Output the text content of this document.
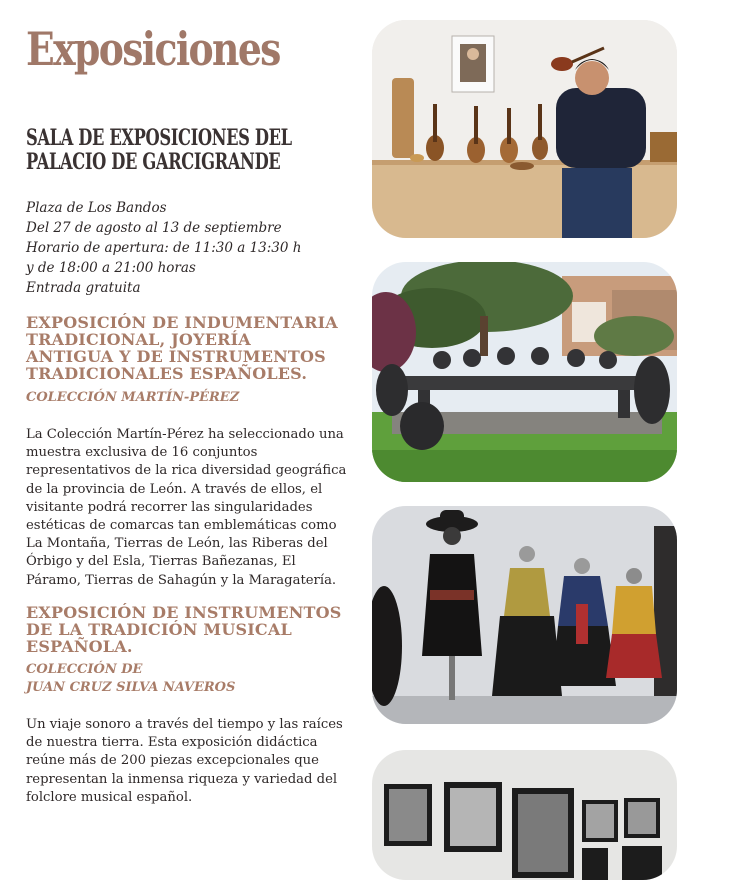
Exposiciones
SALA DE EXPOSICIONES DEL PALACIO DE GARCIGRANDE
Plaza de Los Bandos
Del 27 de agosto al 13 de septiembre
Horario de apertura: de 11:30 a 13:30 h
y de 18:00 a 21:00 horas
Entrada gratuita
EXPOSICIÓN DE INDUMENTARIA
TRADICIONAL, JOYERÍA
ANTIGUA Y DE INSTRUMENTOS
TRADICIONALES ESPAÑOLES.
COLECCIÓN MARTÍN-PÉREZ

La Colección Martín-Pérez ha seleccionado una muestra exclusiva de 16 conjuntos representativos de la rica diversidad geográfica de la provincia de León. A través de ellos, el visitante podrá recorrer las singularidades estéticas de comarcas tan emblemáticas como La Montaña, Tierras de León, las Riberas del Órbigo y del Esla, Tierras Bañezanas, El Páramo, Tierras de Sahagún y la Maragatería.

EXPOSICIÓN DE INSTRUMENTOS
DE LA TRADICIÓN MUSICAL
ESPAÑOLA.
COLECCIÓN DE
JUAN CRUZ SILVA NAVEROS

Un viaje sonoro a través del tiempo y las raíces de nuestra tierra. Esta exposición didáctica reúne más de 200 piezas excepcionales que representan la inmensa riqueza y variedad del folclore musical español.
